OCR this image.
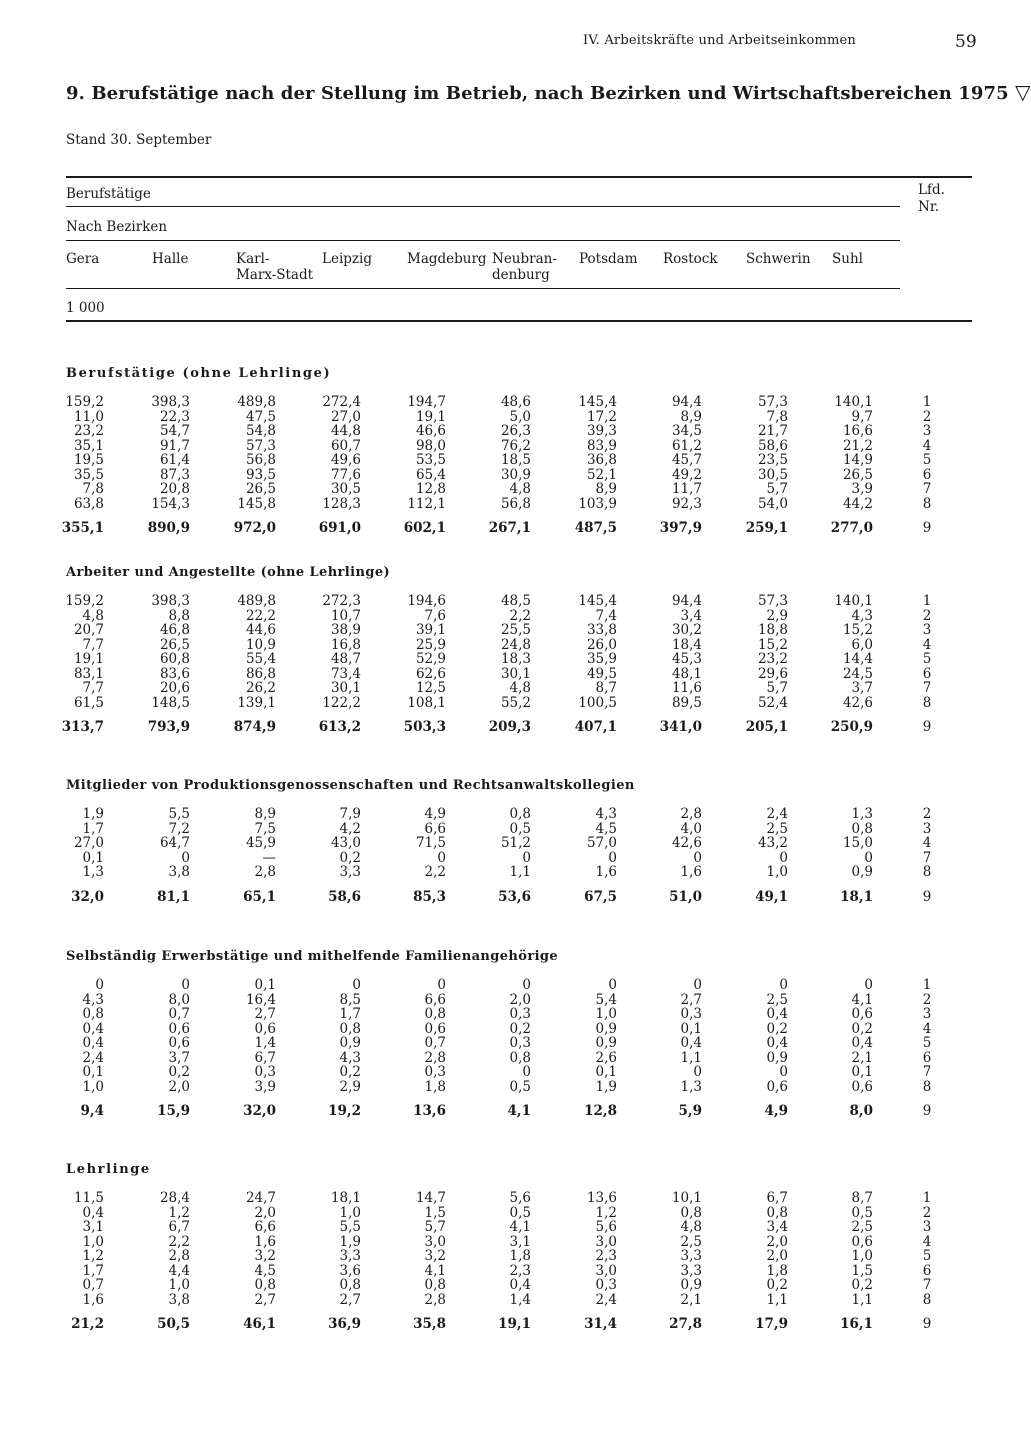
IV. Arbeitskräfte und Arbeitseinkommen	59
9. Berufstätige nach der Stellung im Betrieb, nach Bezirken und Wirtschaftsbereichen 1975 ▽
Stand 30. September
Berufstätige	Lfd.
Nr.
Nach Bezirken
Gera	Halle	Karl-
Marx-Stadt
Leipzig	Magdeburg Neubran-
denburg
Potsdam Rostock Schwerin Suhl
1 000
Berufstätige (ohne Lehrlinge)
159,2	398,3	489,8	272,4	194,7	48,6	145,4	94,4	57,3	140,1	1
11,0	22,3	47,5	27,0	19,1	5,0	17,2	8,9	7,8	9,7	2
23,2	54,7	54,8	44,8	46,6	26,3	39,3	34,5	21,7	16,6	3
35,1	91,7	57,3	60,7	98,0	76,2	83,9	61,2	58,6	21,2	4
19,5	61,4	56,8	49,6	53,5	18,5	36,8	45,7	23,5	14,9	5
35,5	87,3	93,5	77,6	65,4	30,9	52,1	49,2	30,5	26,5	6
7,8	20,8	26,5	30,5	12,8	4,8	8,9	11,7	5,7	3,9	7
63,8	154,3	145,8	128,3	112,1	56,8	103,9	92,3	54,0	44,2	8
355,1	890,9	972,0	691,0	602,1	267,1	487,5	397,9	259,1	277,0	9
Arbeiter und Angestellte (ohne Lehrlinge)
159,2	398,3	489,8	272,3	194,6	48,5	145,4	94,4	57,3	140,1	1
4,8	8,8	22,2	10,7	7,6	2,2	7,4	3,4	2,9	4,3	2
20,7	46,8	44,6	38,9	39,1	25,5	33,8	30,2	18,8	15,2	3
7,7	26,5	10,9	16,8	25,9	24,8	26,0	18,4	15,2	6,0	4
19,1	60,8	55,4	48,7	52,9	18,3	35,9	45,3	23,2	14,4	5
83,1	83,6	86,8	73,4	62,6	30,1	49,5	48,1	29,6	24,5	6
7,7	20,6	26,2	30,1	12,5	4,8	8,7	11,6	5,7	3,7	7
61,5	148,5	139,1	122,2	108,1	55,2	100,5	89,5	52,4	42,6	8
313,7	793,9	874,9	613,2	503,3	209,3	407,1	341,0	205,1	250,9	9
Mitglieder von Produktionsgenossenschaften und Rechtsanwaltskollegien
1,9	5,5	8,9	7,9	4,9	0,8	4,3	2,8	2,4	1,3	2
1,7	7,2	7,5	4,2	6,6	0,5	4,5	4,0	2,5	0,8	3
27,0	64,7	45,9	43,0	71,5	51,2	57,0	42,6	43,2	15,0	4
0,1	0	—	0,2	0	0	0	0	0	0	7
1,3	3,8	2,8	3,3	2,2	1,1	1,6	1,6	1,0	0,9	8
32,0	81,1	65,1	58,6	85,3	53,6	67,5	51,0	49,1	18,1	9
Selbständig Erwerbstätige und mithelfende Familienangehörige
0	0	0,1	0	0	0	0	0	0	0	1
4,3	8,0	16,4	8,5	6,6	2,0	5,4	2,7	2,5	4,1	2
0,8	0,7	2,7	1,7	0,8	0,3	1,0	0,3	0,4	0,6	3
0,4	0,6	0,6	0,8	0,6	0,2	0,9	0,1	0,2	0,2	4
0,4	0,6	1,4	0,9	0,7	0,3	0,9	0,4	0,4	0,4	5
2,4	3,7	6,7	4,3	2,8	0,8	2,6	1,1	0,9	2,1	6
0,1	0,2	0,3	0,2	0,3	0	0,1	0	0	0,1	7
1,0	2,0	3,9	2,9	1,8	0,5	1,9	1,3	0,6	0,6	8
9,4	15,9	32,0	19,2	13,6	4,1	12,8	5,9	4,9	8,0	9
Lehrlinge
11,5	28,4	24,7	18,1	14,7	5,6	13,6	10,1	6,7	8,7	1
0,4	1,2	2,0	1,0	1,5	0,5	1,2	0,8	0,8	0,5	2
3,1	6,7	6,6	5,5	5,7	4,1	5,6	4,8	3,4	2,5	3
1,0	2,2	1,6	1,9	3,0	3,1	3,0	2,5	2,0	0,6	4
1,2	2,8	3,2	3,3	3,2	1,8	2,3	3,3	2,0	1,0	5
1,7	4,4	4,5	3,6	4,1	2,3	3,0	3,3	1,8	1,5	6
0,7	1,0	0,8	0,8	0,8	0,4	0,3	0,9	0,2	0,2	7
1,6	3,8	2,7	2,7	2,8	1,4	2,4	2,1	1,1	1,1	8
21,2	50,5	46,1	36,9	35,8	19,1	31,4	27,8	17,9	16,1	9
